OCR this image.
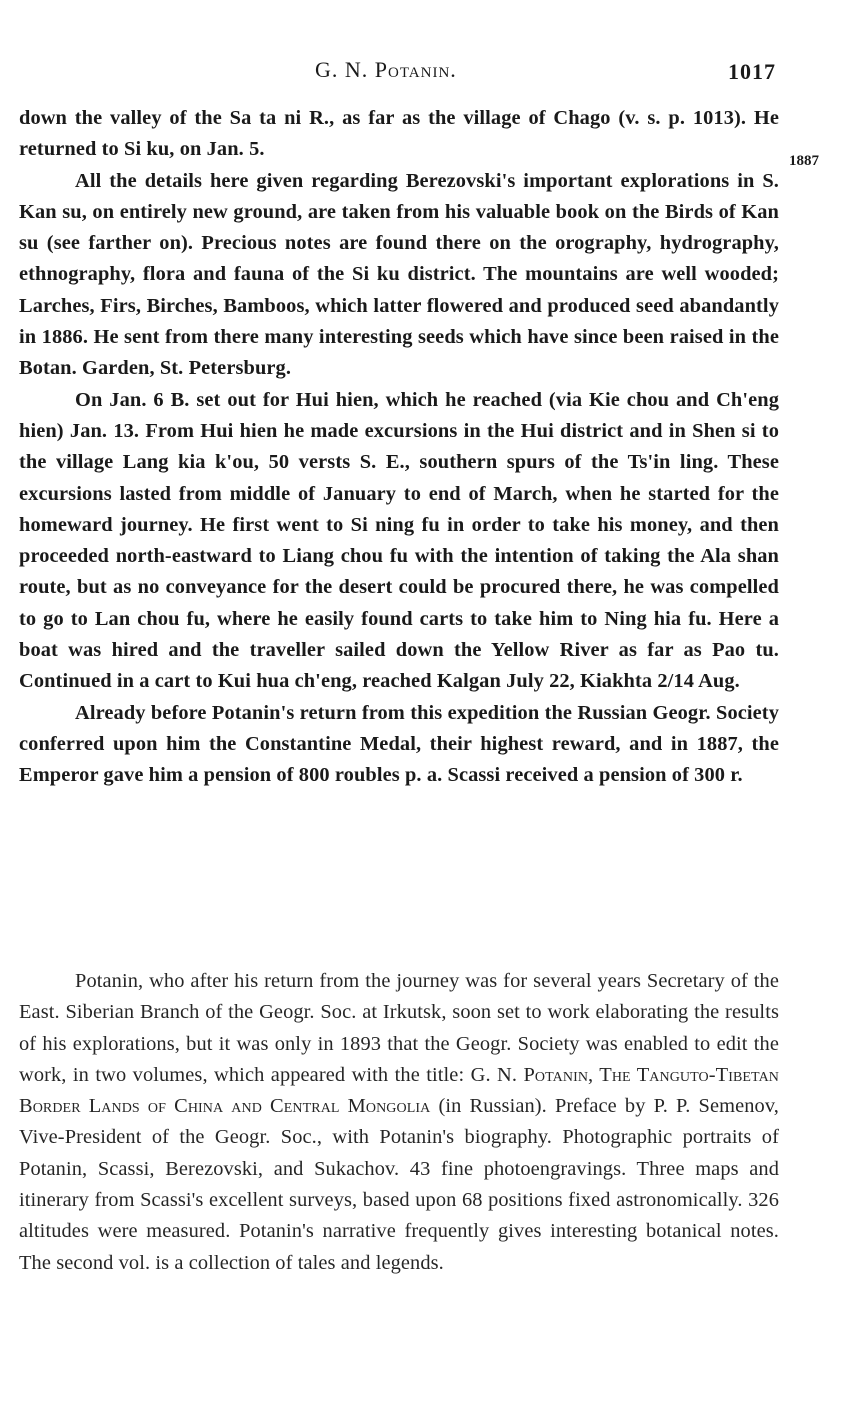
G. N. Potanin.	1017
1887

down the valley of the Sa ta ni R., as far as the village of Chago (v. s. p. 1013). He returned to Si ku, on Jan. 5.

All the details here given regarding Berezovski's important explorations in S. Kan su, on entirely new ground, are taken from his valuable book on the Birds of Kan su (see farther on). Precious notes are found there on the orography, hydrography, ethnography, flora and fauna of the Si ku district. The mountains are well wooded; Larches, Firs, Birches, Bamboos, which latter flowered and produced seed abandantly in 1886. He sent from there many interesting seeds which have since been raised in the Botan. Garden, St. Petersburg.

On Jan. 6 B. set out for Hui hien, which he reached (via Kie chou and Ch'eng hien) Jan. 13. From Hui hien he made excursions in the Hui district and in Shen si to the village Lang kia k'ou, 50 versts S. E., southern spurs of the Ts'in ling. These excursions lasted from middle of January to end of March, when he started for the homeward journey. He first went to Si ning fu in order to take his money, and then proceeded north-eastward to Liang chou fu with the intention of taking the Ala shan route, but as no conveyance for the desert could be procured there, he was compelled to go to Lan chou fu, where he easily found carts to take him to Ning hia fu. Here a boat was hired and the traveller sailed down the Yellow River as far as Pao tu. Continued in a cart to Kui hua ch'eng, reached Kalgan July 22, Kiakhta 2/14 Aug.

Already before Potanin's return from this expedition the Russian Geogr. Society conferred upon him the Constantine Medal, their highest reward, and in 1887, the Emperor gave him a pension of 800 roubles p. a. Scassi received a pension of 300 r.

Potanin, who after his return from the journey was for several years Secretary of the East. Siberian Branch of the Geogr. Soc. at Irkutsk, soon set to work elaborating the results of his explorations, but it was only in 1893 that the Geogr. Society was enabled to edit the work, in two volumes, which appeared with the title: G. N. Potanin, The Tanguto-Tibetan Border Lands of China and Central Mongolia (in Russian). Preface by P. P. Semenov, Vive-President of the Geogr. Soc., with Potanin's biography. Photographic portraits of Potanin, Scassi, Berezovski, and Sukachov. 43 fine photoengravings. Three maps and itinerary from Scassi's excellent surveys, based upon 68 positions fixed astronomically. 326 altitudes were measured. Potanin's narrative frequently gives interesting botanical notes. The second vol. is a collection of tales and legends.
